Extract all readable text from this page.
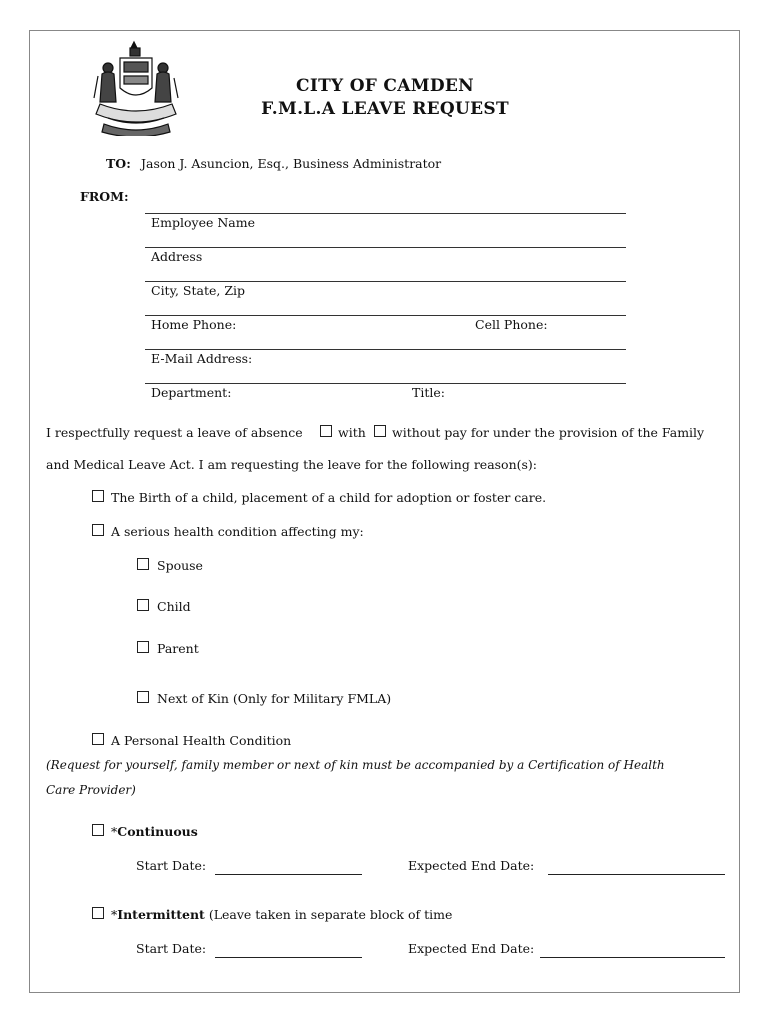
CITY OF CAMDEN
F.M.L.A LEAVE REQUEST
TO: Jason J. Asuncion, Esq., Business Administrator
FROM:
Employee Name
Address
City, State, Zip
Home Phone:	Cell Phone:
E-Mail Address:
Department:	Title:
I respectfully request a leave of absence	with without pay for under the provision of the Family
and Medical Leave Act. I am requesting the leave for the following reason(s):
The Birth of a child, placement of a child for adoption or foster care.
A serious health condition affecting my:
Spouse
Child
Parent
Next of Kin (Only for Military FMLA)
A Personal Health Condition
(Request for yourself, family member or next of kin must be accompanied by a Certification of Health
Care Provider)
*Continuous
Start Date:	Expected End Date:
*Intermittent (Leave taken in separate block of time
Start Date:	Expected End Date:
